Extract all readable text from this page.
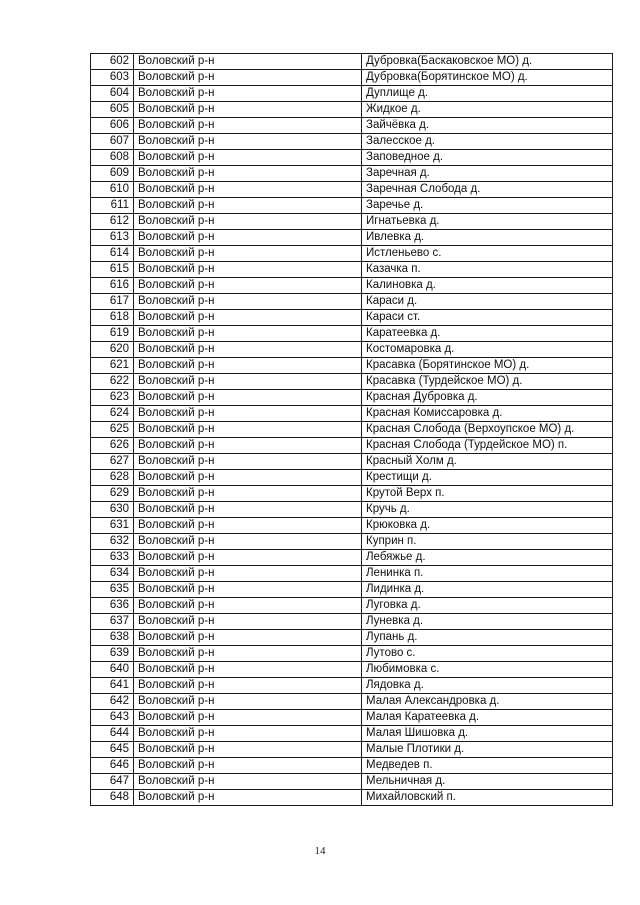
602	Воловский р-н	Дубровка(Баскаковское МО) д.
603	Воловский р-н	Дубровка(Борятинское МО) д.
604	Воловский р-н	Дуплище д.
605	Воловский р-н	Жидкое д.
606	Воловский р-н	Зайчёвка д.
607	Воловский р-н	Залесское д.
608	Воловский р-н	Заповедное д.
609	Воловский р-н	Заречная д.
610	Воловский р-н	Заречная Слобода д.
611	Воловский р-н	Заречье д.
612	Воловский р-н	Игнатьевка д.
613	Воловский р-н	Ивлевка д.
614	Воловский р-н	Истленьево с.
615	Воловский р-н	Казачка п.
616	Воловский р-н	Калиновка д.
617	Воловский р-н	Караси д.
618	Воловский р-н	Караси ст.
619	Воловский р-н	Каратеевка д.
620	Воловский р-н	Костомаровка д.
621	Воловский р-н	Красавка (Борятинское МО) д.
622	Воловский р-н	Красавка (Турдейское МО) д.
623	Воловский р-н	Красная Дубровка д.
624	Воловский р-н	Красная Комиссаровка д.
625	Воловский р-н	Красная Слобода (Верхоупское МО) д.
626	Воловский р-н	Красная Слобода (Турдейское МО) п.
627	Воловский р-н	Красный Холм д.
628	Воловский р-н	Крестищи д.
629	Воловский р-н	Крутой Верх п.
630	Воловский р-н	Кручь д.
631	Воловский р-н	Крюковка д.
632	Воловский р-н	Куприн п.
633	Воловский р-н	Лебяжье д.
634	Воловский р-н	Ленинка п.
635	Воловский р-н	Лидинка д.
636	Воловский р-н	Луговка д.
637	Воловский р-н	Луневка д.
638	Воловский р-н	Лупань д.
639	Воловский р-н	Лутово с.
640	Воловский р-н	Любимовка с.
641	Воловский р-н	Лядовка д.
642	Воловский р-н	Малая Александровка д.
643	Воловский р-н	Малая Каратеевка д.
644	Воловский р-н	Малая Шишовка д.
645	Воловский р-н	Малые Плотики д.
646	Воловский р-н	Медведев п.
647	Воловский р-н	Мельничная д.
648	Воловский р-н	Михайловский п.
14
